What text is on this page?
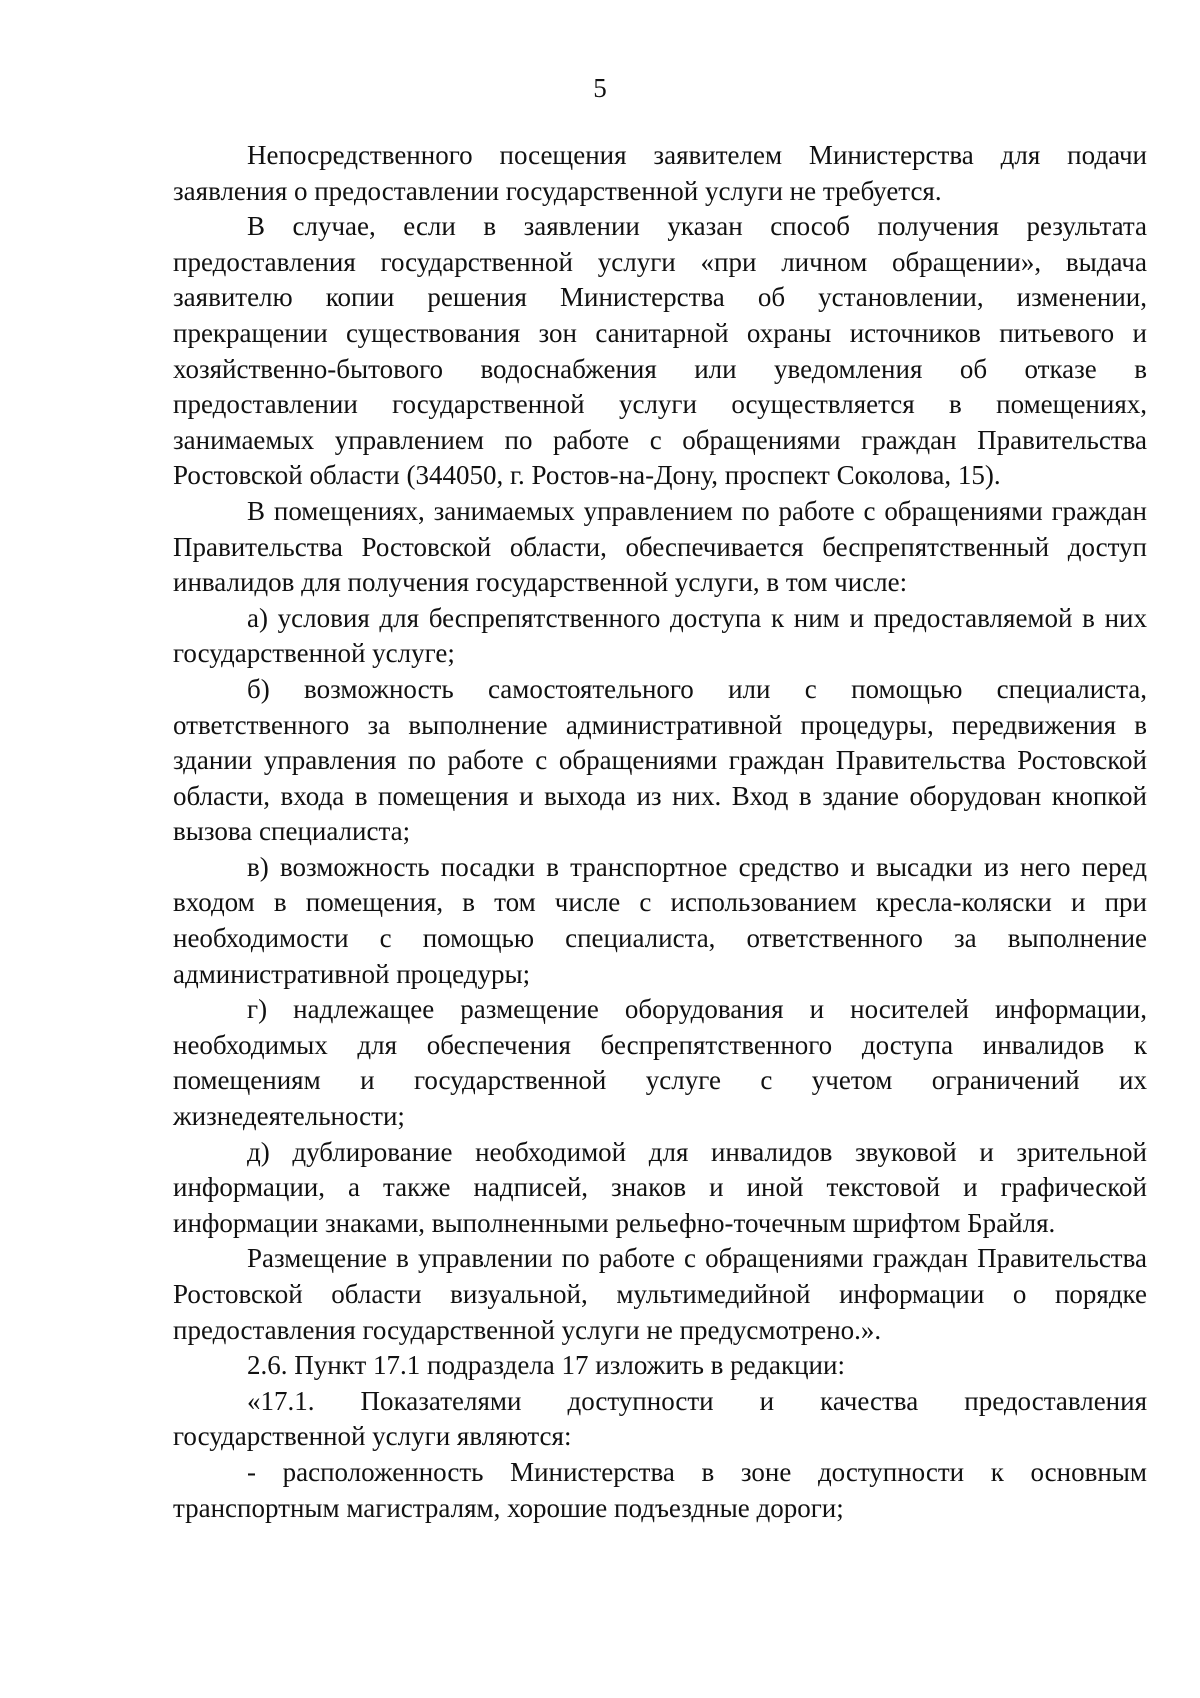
5

Непосредственного посещения заявителем Министерства для подачи заявления о предоставлении государственной услуги не требуется.

В случае, если в заявлении указан способ получения результата предоставления государственной услуги «при личном обращении», выдача заявителю копии решения Министерства об установлении, изменении, прекращении существования зон санитарной охраны источников питьевого и хозяйственно-бытового водоснабжения или уведомления об отказе в предоставлении государственной услуги осуществляется в помещениях, занимаемых управлением по работе с обращениями граждан Правительства Ростовской области (344050, г. Ростов-на-Дону, проспект Соколова, 15).

В помещениях, занимаемых управлением по работе с обращениями граждан Правительства Ростовской области, обеспечивается беспрепятственный доступ инвалидов для получения государственной услуги, в том числе:

а) условия для беспрепятственного доступа к ним и предоставляемой в них государственной услуге;

б) возможность самостоятельного или с помощью специалиста, ответственного за выполнение административной процедуры, передвижения в здании управления по работе с обращениями граждан Правительства Ростовской области, входа в помещения и выхода из них. Вход в здание оборудован кнопкой вызова специалиста;

в) возможность посадки в транспортное средство и высадки из него перед входом в помещения, в том числе с использованием кресла-коляски и при необходимости с помощью специалиста, ответственного за выполнение административной процедуры;

г) надлежащее размещение оборудования и носителей информации, необходимых для обеспечения беспрепятственного доступа инвалидов к помещениям и государственной услуге с учетом ограничений их жизнедеятельности;

д) дублирование необходимой для инвалидов звуковой и зрительной информации, а также надписей, знаков и иной текстовой и графической информации знаками, выполненными рельефно-точечным шрифтом Брайля.

Размещение в управлении по работе с обращениями граждан Правительства Ростовской области визуальной, мультимедийной информации о порядке предоставления государственной услуги не предусмотрено.».

2.6. Пункт 17.1 подраздела 17 изложить в редакции:

«17.1. Показателями доступности и качества предоставления государственной услуги являются:

- расположенность Министерства в зоне доступности к основным транспортным магистралям, хорошие подъездные дороги;
